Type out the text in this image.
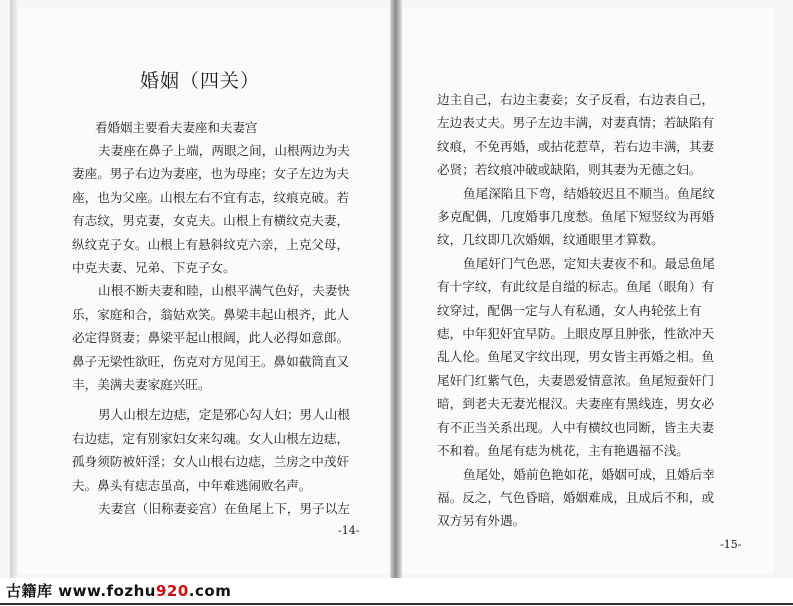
婚姻（四关）
看婚姻主要看夫妻座和夫妻宫
夫妻座在鼻子上端，两眼之间，山根两边为夫
妻座。男子右边为妻座，也为母座；女子左边为夫
座，也为父座。山根左右不宜有志，纹痕克破。若
有志纹，男克妻，女克夫。山根上有横纹克夫妻，
纵纹克子女。山根上有悬斜纹克六亲，上克父母，
中克夫妻、兄弟、下克子女。
山根不断夫妻和睦，山根平满气色好，夫妻快
乐，家庭和合，翁姑欢笑。鼻梁丰起山根齐，此人
必定得贤妻；鼻梁平起山根阔，此人必得如意郎。
鼻子无梁性欲旺，伤克对方见闰王。鼻如截筒直又
丰，美满夫妻家庭兴旺。
男人山根左边痣，定是邪心勾人妇；男人山根
右边痣，定有别家妇女来勾魂。女人山根左边痣，
孤身须防被奸淫；女人山根右边痣，兰房之中茂奸
夫。鼻头有痣志虽高，中年难逃闹败名声。
夫妻宫（旧称妻妾宫）在鱼尾上下，男子以左
-14-
边主自己，右边主妻妾；女子反看，右边表自己，
左边表丈夫。男子左边丰满，对妻真情；若缺陷有
纹痕，不免再婚，或拈花惹草，若右边丰满，其妻
必贤；若纹痕冲破或缺陷，则其妻为无德之妇。
鱼尾深陷且下弯，结婚较迟且不顺当。鱼尾纹
多克配偶，几度婚事几度愁。鱼尾下短竖纹为再婚
纹，几纹即几次婚姻，纹通眼里才算数。
鱼尾奸门气色恶，定知夫妻夜不和。最忌鱼尾
有十字纹，有此纹是自缢的标志。鱼尾（眼角）有
纹穿过，配偶一定与人有私通，女人冉轮弦上有
痣，中年犯奸宜早防。上眼皮厚且肿张，性欲冲天
乱人伦。鱼尾叉字纹出现，男女皆主再婚之相。鱼
尾奸门红紫气色，夫妻恩爱情意浓。鱼尾短蚕奸门
暗，到老夫无妻光棍汉。夫妻座有黑线连，男女必
有不正当关系出现。人中有横纹也同断，皆主夫妻
不和着。鱼尾有痣为桃花，主有艳遇福不浅。
鱼尾处，婚前色艳如花，婚姻可成，且婚后幸
福。反之，气色昏暗，婚姻难成，且成后不和，或
双方另有外遇。
-15-
古籍库 www.fozhu920.com
